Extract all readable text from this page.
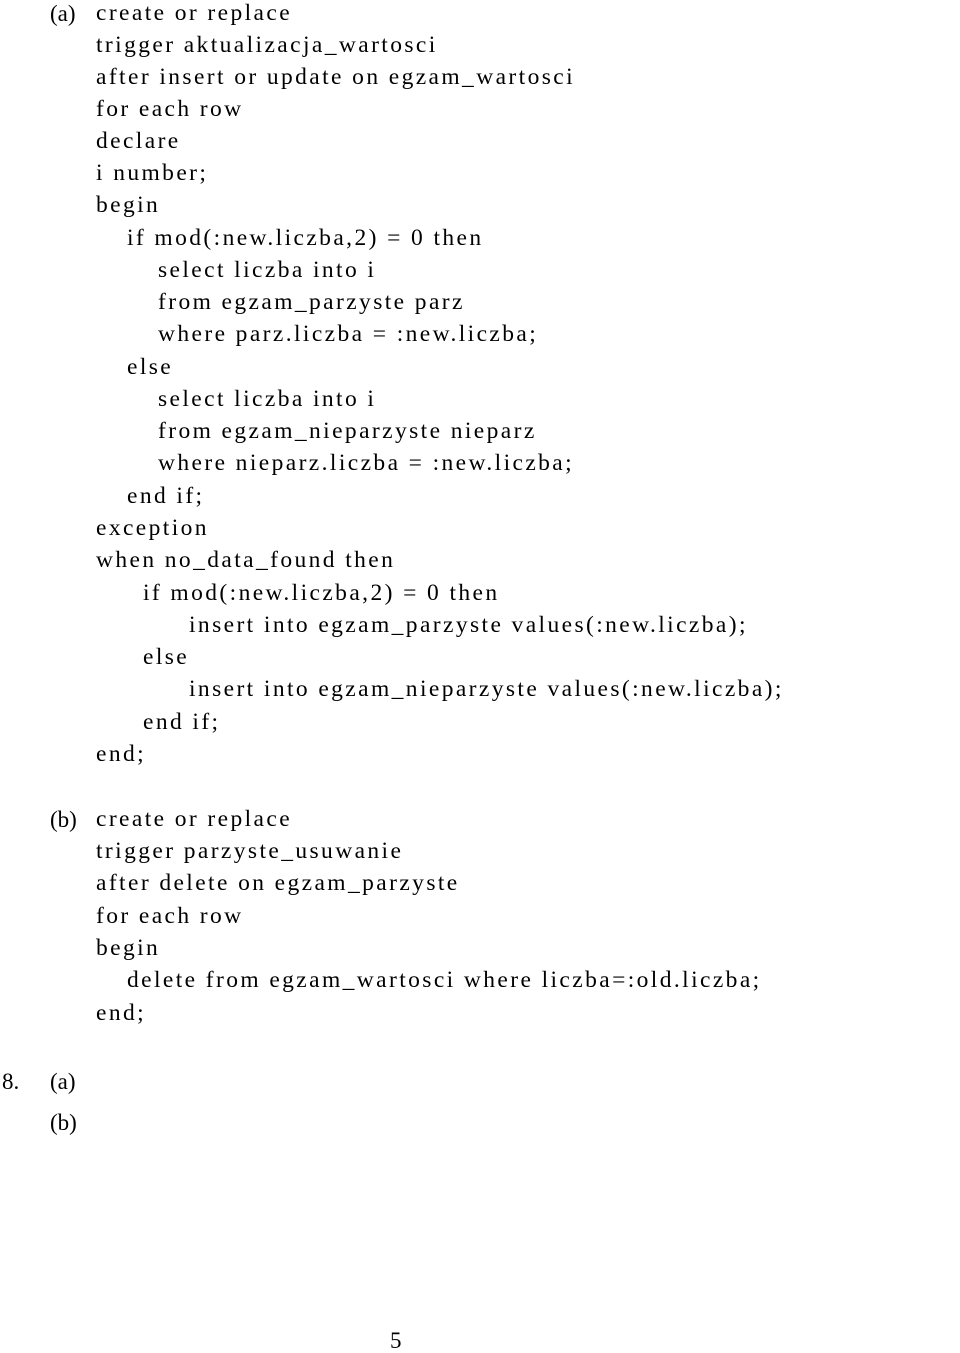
(a) create or replace
trigger aktualizacja_wartosci
after insert or update on egzam_wartosci
for each row
declare
i number;
begin
if mod(:new.liczba,2) = 0 then
select liczba into i
from egzam_parzyste parz
where parz.liczba = :new.liczba;
else
select liczba into i
from egzam_nieparzyste nieparz
where nieparz.liczba = :new.liczba;
end if;
exception
when no_data_found then
if mod(:new.liczba,2) = 0 then
insert into egzam_parzyste values(:new.liczba);
else
insert into egzam_nieparzyste values(:new.liczba);
end if;
end;
(b) create or replace
trigger parzyste_usuwanie
after delete on egzam_parzyste
for each row
begin
delete from egzam_wartosci where liczba=:old.liczba;
end;
8. (a)
(b)
5
